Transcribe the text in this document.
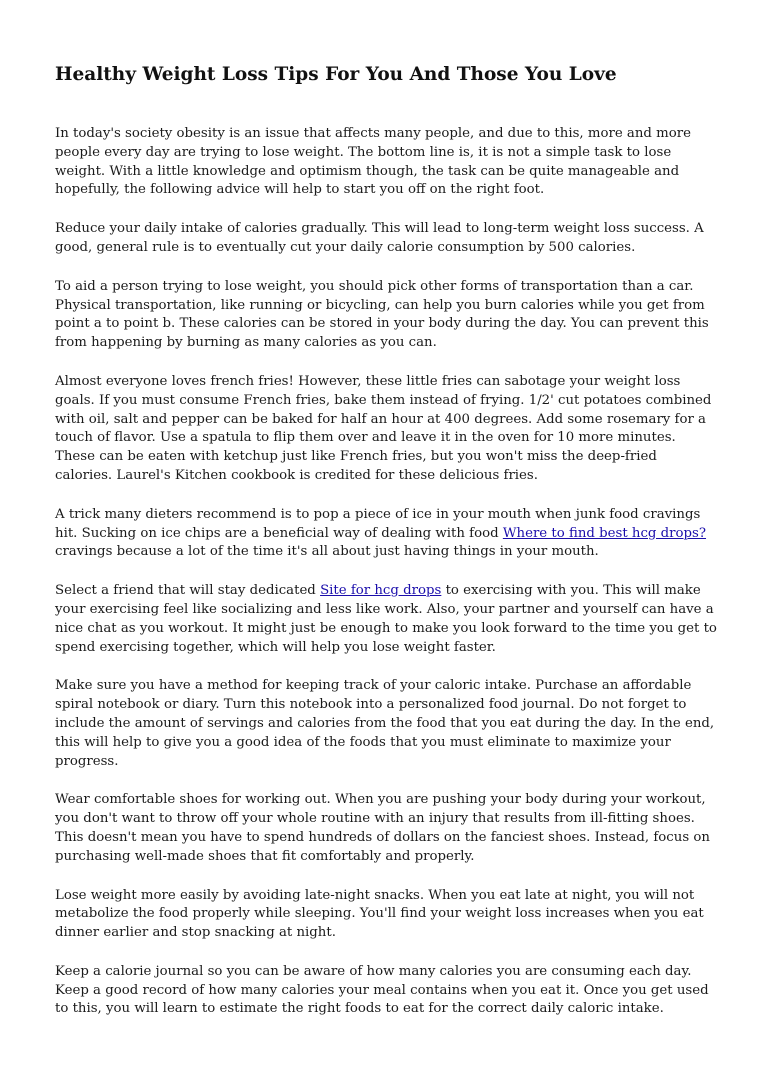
Healthy Weight Loss Tips For You And Those You Love

In today's society obesity is an issue that affects many people, and due to this, more and more people every day are trying to lose weight. The bottom line is, it is not a simple task to lose weight. With a little knowledge and optimism though, the task can be quite manageable and hopefully, the following advice will help to start you off on the right foot.

Reduce your daily intake of calories gradually. This will lead to long-term weight loss success. A good, general rule is to eventually cut your daily calorie consumption by 500 calories.

To aid a person trying to lose weight, you should pick other forms of transportation than a car. Physical transportation, like running or bicycling, can help you burn calories while you get from point a to point b. These calories can be stored in your body during the day. You can prevent this from happening by burning as many calories as you can.

Almost everyone loves french fries! However, these little fries can sabotage your weight loss goals. If you must consume French fries, bake them instead of frying. 1/2' cut potatoes combined with oil, salt and pepper can be baked for half an hour at 400 degrees. Add some rosemary for a touch of flavor. Use a spatula to flip them over and leave it in the oven for 10 more minutes. These can be eaten with ketchup just like French fries, but you won't miss the deep-fried calories. Laurel's Kitchen cookbook is credited for these delicious fries.

A trick many dieters recommend is to pop a piece of ice in your mouth when junk food cravings hit. Sucking on ice chips are a beneficial way of dealing with food Where to find best hcg drops? cravings because a lot of the time it's all about just having things in your mouth.

Select a friend that will stay dedicated Site for hcg drops to exercising with you. This will make your exercising feel like socializing and less like work. Also, your partner and yourself can have a nice chat as you workout. It might just be enough to make you look forward to the time you get to spend exercising together, which will help you lose weight faster.

Make sure you have a method for keeping track of your caloric intake. Purchase an affordable spiral notebook or diary. Turn this notebook into a personalized food journal. Do not forget to include the amount of servings and calories from the food that you eat during the day. In the end, this will help to give you a good idea of the foods that you must eliminate to maximize your progress.

Wear comfortable shoes for working out. When you are pushing your body during your workout, you don't want to throw off your whole routine with an injury that results from ill-fitting shoes. This doesn't mean you have to spend hundreds of dollars on the fanciest shoes. Instead, focus on purchasing well-made shoes that fit comfortably and properly.

Lose weight more easily by avoiding late-night snacks. When you eat late at night, you will not metabolize the food properly while sleeping. You'll find your weight loss increases when you eat dinner earlier and stop snacking at night.

Keep a calorie journal so you can be aware of how many calories you are consuming each day. Keep a good record of how many calories your meal contains when you eat it. Once you get used to this, you will learn to estimate the right foods to eat for the correct daily caloric intake.
